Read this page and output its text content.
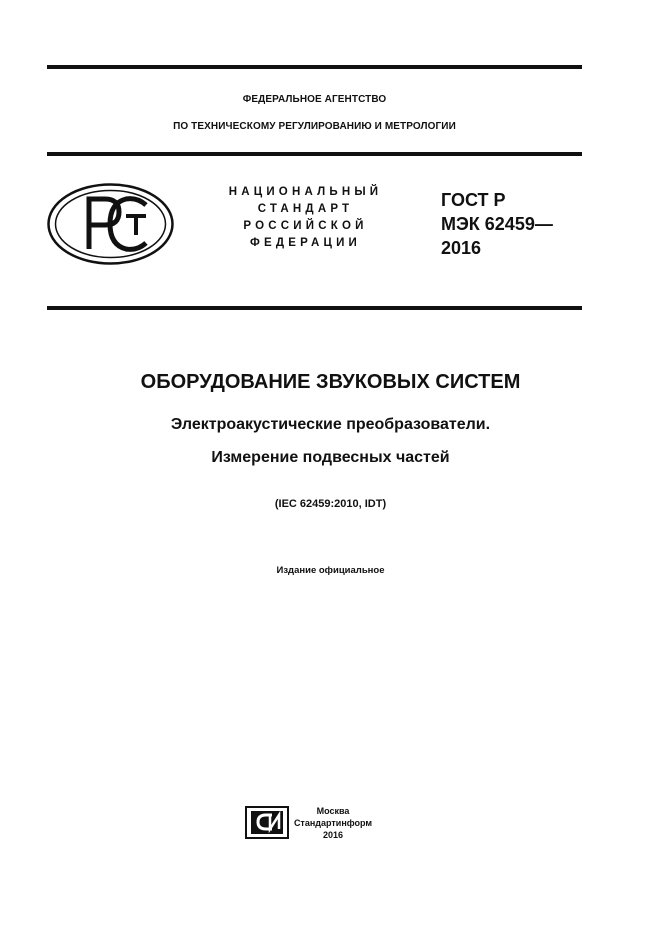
ФЕДЕРАЛЬНОЕ АГЕНТСТВО
ПО ТЕХНИЧЕСКОМУ РЕГУЛИРОВАНИЮ И МЕТРОЛОГИИ
НАЦИОНАЛЬНЫЙ
СТАНДАРТ
РОССИЙСКОЙ
ФЕДЕРАЦИИ
ГОСТ Р
МЭК 62459—
2016
ОБОРУДОВАНИЕ ЗВУКОВЫХ СИСТЕМ
Электроакустические преобразователи.
Измерение подвесных частей
(IEC 62459:2010, IDT)
Издание официальное
Москва
Стандартинформ
2016
